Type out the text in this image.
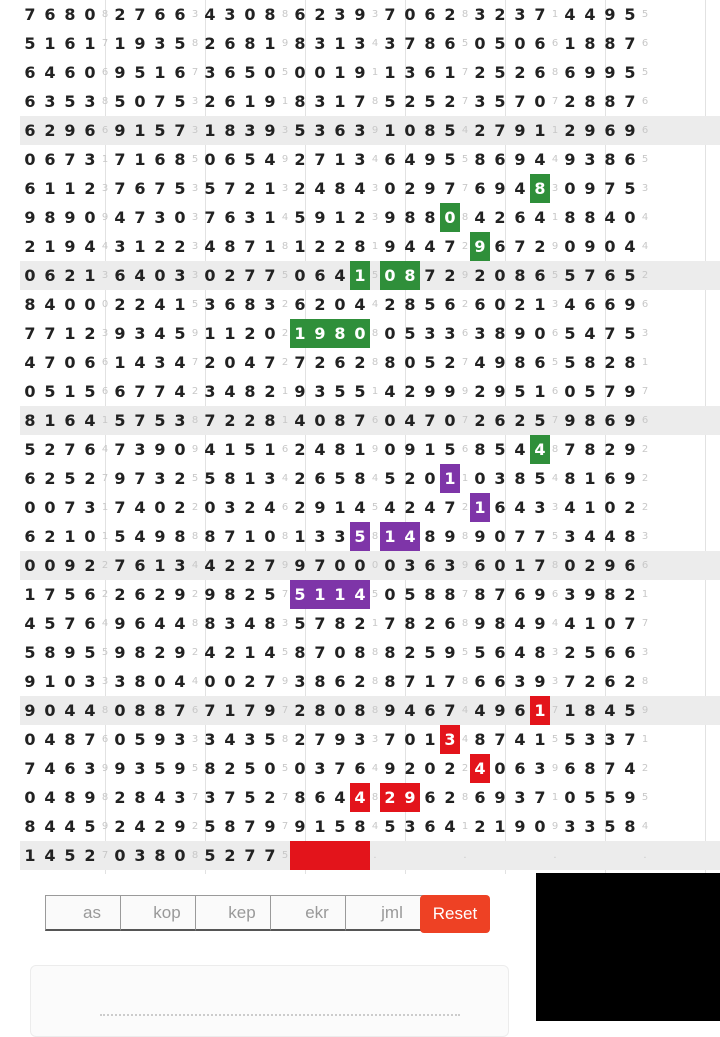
7 6 8 0 8 2 7 6 6 3 4 3 0 8 8 6 2 3 9 3 7 0 6 2 8 3 2 3 7 1 4 4 9 5 5
5 1 6 1 7 1 9 3 5 8 2 6 8 1 9 8 3 1 3 4 3 7 8 6 5 0 5 0 6 6 1 8 8 7 6
6 4 6 0 6 9 5 1 6 7 3 6 5 0 5 0 0 1 9 1 1 3 6 1 7 2 5 2 6 8 6 9 9 5 5
6 3 5 3 8 5 0 7 5 3 2 6 1 9 1 8 3 1 7 8 5 2 5 2 7 3 5 7 0 7 2 8 8 7 6
6 2 9 6 6 9 1 5 7 3 1 8 3 9 3 5 3 6 3 9 1 0 8 5 4 2 7 9 1 1 2 9 6 9 6
0 6 7 3 1 7 1 6 8 5 0 6 5 4 9 2 7 1 3 4 6 4 9 5 5 8 6 9 4 4 9 3 8 6 5
6 1 1 2 3 7 6 7 5 3 5 7 2 1 3 2 4 8 4 3 0 2 9 7 7 6 9 4 8 3 0 9 7 5 3
9 8 9 0 9 4 7 3 0 3 7 6 3 1 4 5 9 1 2 3 9 8 8 0 8 4 2 6 4 1 8 8 4 0 4
2 1 9 4 4 3 1 2 2 3 4 8 7 1 8 1 2 2 8 1 9 4 4 7 2 9 6 7 2 9 0 9 0 4 4
0 6 2 1 3 6 4 0 3 3 0 2 7 7 5 0 6 4 1 5 0 8 7 2 9 2 0 8 6 5 5 7 6 5 2
8 4 0 0 0 2 2 4 1 5 3 6 8 3 2 6 2 0 4 4 2 8 5 6 2 6 0 2 1 3 4 6 6 9 6
7 7 1 2 3 9 3 4 5 9 1 1 2 0 2 1 9 8 0 8 0 5 3 3 6 3 8 9 0 6 5 4 7 5 3
4 7 0 6 6 1 4 3 4 7 2 0 4 7 2 7 2 6 2 8 8 0 5 2 7 4 9 8 6 5 5 8 2 8 1
0 5 1 5 6 6 7 7 4 2 3 4 8 2 1 9 3 5 5 1 4 2 9 9 9 2 9 5 1 6 0 5 7 9 7
8 1 6 4 1 5 7 5 3 8 7 2 2 8 1 4 0 8 7 6 0 4 7 0 7 2 6 2 5 7 9 8 6 9 6
5 2 7 6 4 7 3 9 0 9 4 1 5 1 6 2 4 8 1 9 0 9 1 5 6 8 5 4 4 8 7 8 2 9 2
6 2 5 2 7 9 7 3 2 5 5 8 1 3 4 2 6 5 8 4 5 2 0 1 1 0 3 8 5 4 8 1 6 9 2
0 0 7 3 1 7 4 0 2 2 0 3 2 4 6 2 9 1 4 5 4 2 4 7 2 1 6 4 3 3 4 1 0 2 2
6 2 1 0 1 5 4 9 8 8 8 7 1 0 8 1 3 3 5 8 1 4 8 9 8 9 0 7 7 5 3 4 4 8 3
0 0 9 2 2 7 6 1 3 4 4 2 2 7 9 9 7 0 0 0 0 3 6 3 9 6 0 1 7 8 0 2 9 6 6
1 7 5 6 2 2 6 2 9 2 9 8 2 5 7 5 1 1 4 5 0 5 8 8 7 8 7 6 9 6 3 9 8 2 1
4 5 7 6 4 9 6 4 4 8 8 3 4 8 3 5 7 8 2 1 7 8 2 6 8 9 8 4 9 4 4 1 0 7 7
5 8 9 5 5 9 8 2 9 2 4 2 1 4 5 8 7 0 8 8 8 2 5 9 5 5 6 4 8 3 2 5 6 6 3
9 1 0 3 3 3 8 0 4 4 0 0 2 7 9 3 8 6 2 8 8 7 1 7 8 6 6 3 9 3 7 2 6 2 8
9 0 4 4 8 0 8 8 7 6 7 1 7 9 7 2 8 0 8 8 9 4 6 7 4 4 9 6 1 7 1 8 4 5 9
0 4 8 7 6 0 5 9 3 3 3 4 3 5 8 2 7 9 3 3 7 0 1 3 4 8 7 4 1 5 5 3 3 7 1
7 4 6 3 9 9 3 5 9 5 8 2 5 0 5 0 3 7 6 4 9 2 0 2 2 4 0 6 3 9 6 8 7 4 2
0 4 8 9 8 2 8 4 3 7 3 7 5 2 7 8 6 4 4 8 2 9 6 2 8 6 9 3 7 1 0 5 5 9 5
8 4 4 5 9 2 4 2 9 2 5 8 7 9 7 9 1 5 8 4 5 3 6 4 1 2 1 9 0 9 3 3 5 8 4
1 4 5 2 7 0 3 8 0 8 5 2 7 7 5	.	.	.	.
as	kop	kep	ekr	jml	Reset
